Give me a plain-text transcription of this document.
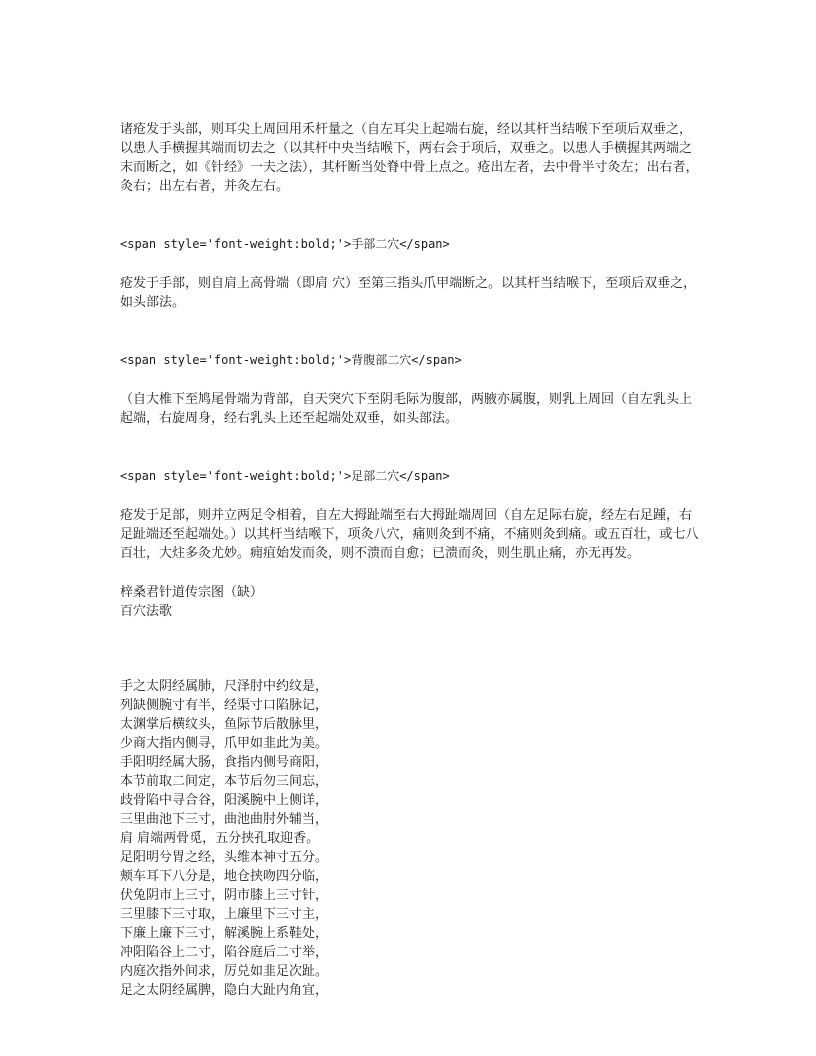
诸疮发于头部，则耳尖上周回用禾杆量之（自左耳尖上起端右旋，经以其杆当结喉下至项后双垂之，以患人手横握其端而切去之（以其杆中央当结喉下，两右会于项后，双垂之。以患人手横握其两端之末而断之，如《针经》一夫之法），其杆断当处脊中骨上点之。疮出左者，去中骨半寸灸左；出右者，灸右；出左右者，并灸左右。

<span style='font-weight:bold;'>手部二穴</span>

疮发于手部，则自肩上高骨端（即肩 穴）至第三指头爪甲端断之。以其杆当结喉下，至项后双垂之，如头部法。

<span style='font-weight:bold;'>背腹部二穴</span>

（自大椎下至鸠尾骨端为背部，自天突穴下至阴毛际为腹部，两腋亦属腹，则乳上周回（自左乳头上起端，右旋周身，经右乳头上还至起端处双垂，如头部法。

<span style='font-weight:bold;'>足部二穴</span>

疮发于足部，则并立两足令相着，自左大拇趾端至右大拇趾端周回（自左足际右旋，经左右足踵，右足趾端还至起端处。）以其杆当结喉下，项灸八穴，痛则灸到不痛，不痛则灸到痛。或五百壮，或七八百壮，大炷多灸尤妙。痈疽始发而灸，则不溃而自愈；已溃而灸，则生肌止痛，亦无再发。

梓桑君针道传宗图（缺）

百穴法歌

手之太阴经属肺，尺泽肘中约纹是，
列缺侧腕寸有半，经渠寸口陷脉记，
太渊掌后横纹头，鱼际节后散脉里，
少商大指内侧寻，爪甲如韭此为美。
手阳明经属大肠，食指内侧号商阳，
本节前取二间定，本节后勿三间忘，
歧骨陷中寻合谷，阳溪腕中上侧详，
三里曲池下三寸，曲池曲肘外辅当，
肩 肩端两骨觅，五分挟孔取迎香。
足阳明兮胃之经，头维本神寸五分。
颊车耳下八分是，地仓挟吻四分临，
伏兔阴市上三寸，阴市膝上三寸针，
三里膝下三寸取，上廉里下三寸主，
下廉上廉下三寸，解溪腕上系鞋处，
冲阳陷谷上二寸，陷谷庭后二寸举，
内庭次指外间求，厉兑如韭足次趾。
足之太阴经属脾，隐白大趾内角宜，
